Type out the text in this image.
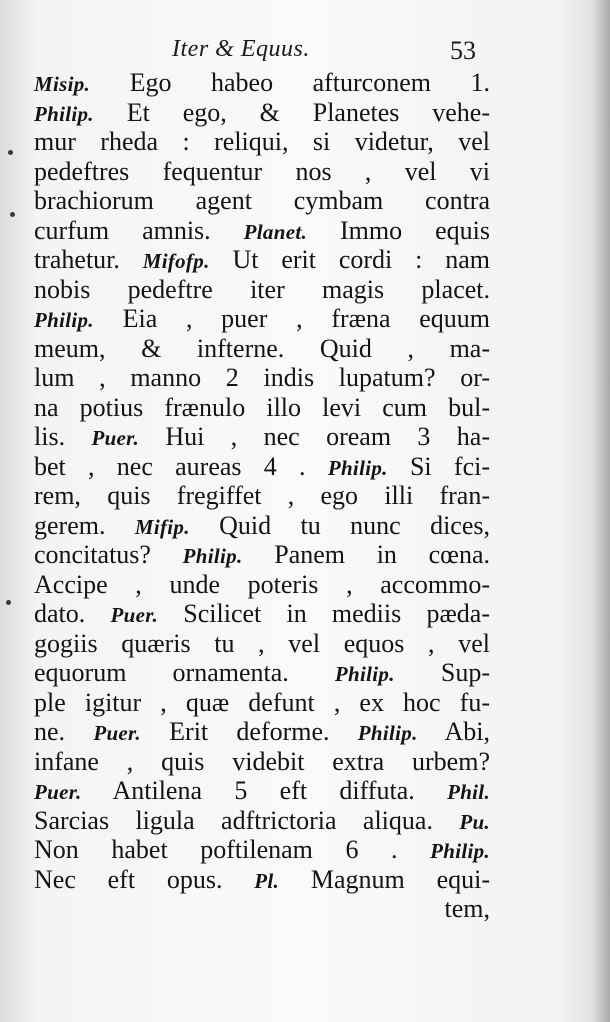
Iter & Equus.	53
Misip. Ego habeo afturconem 1.
Philip. Et ego, & Planetes vehe-
mur rheda : reliqui, si videtur, vel
pedeftres fequentur nos , vel vi
brachiorum agent cymbam contra
curfum amnis. Planet. Immo equis
trahetur. Mifofp. Ut erit cordi : nam
nobis pedeftre iter magis placet.
Philip. Eia , puer , fræna equum
meum, & infterne. Quid , ma-
lum , manno 2 indis lupatum? or-
na potius frænulo illo levi cum bul-
lis. Puer. Hui , nec oream 3 ha-
bet , nec aureas 4 . Philip. Si fci-
rem, quis fregiffet , ego illi fran-
gerem. Mifip. Quid tu nunc dices,
concitatus? Philip. Panem in cœna.
Accipe , unde poteris , accommo-
dato. Puer. Scilicet in mediis pæda-
gogiis quæris tu , vel equos , vel
equorum ornamenta. Philip. Sup-
ple igitur , quæ defunt , ex hoc fu-
ne. Puer. Erit deforme. Philip. Abi,
infane , quis videbit extra urbem?
Puer. Antilena 5 eft diffuta. Phil.
Sarcias ligula adftrictoria aliqua. Pu.
Non habet poftilenam 6 . Philip.
Nec eft opus. Pl. Magnum equi-
tem,
